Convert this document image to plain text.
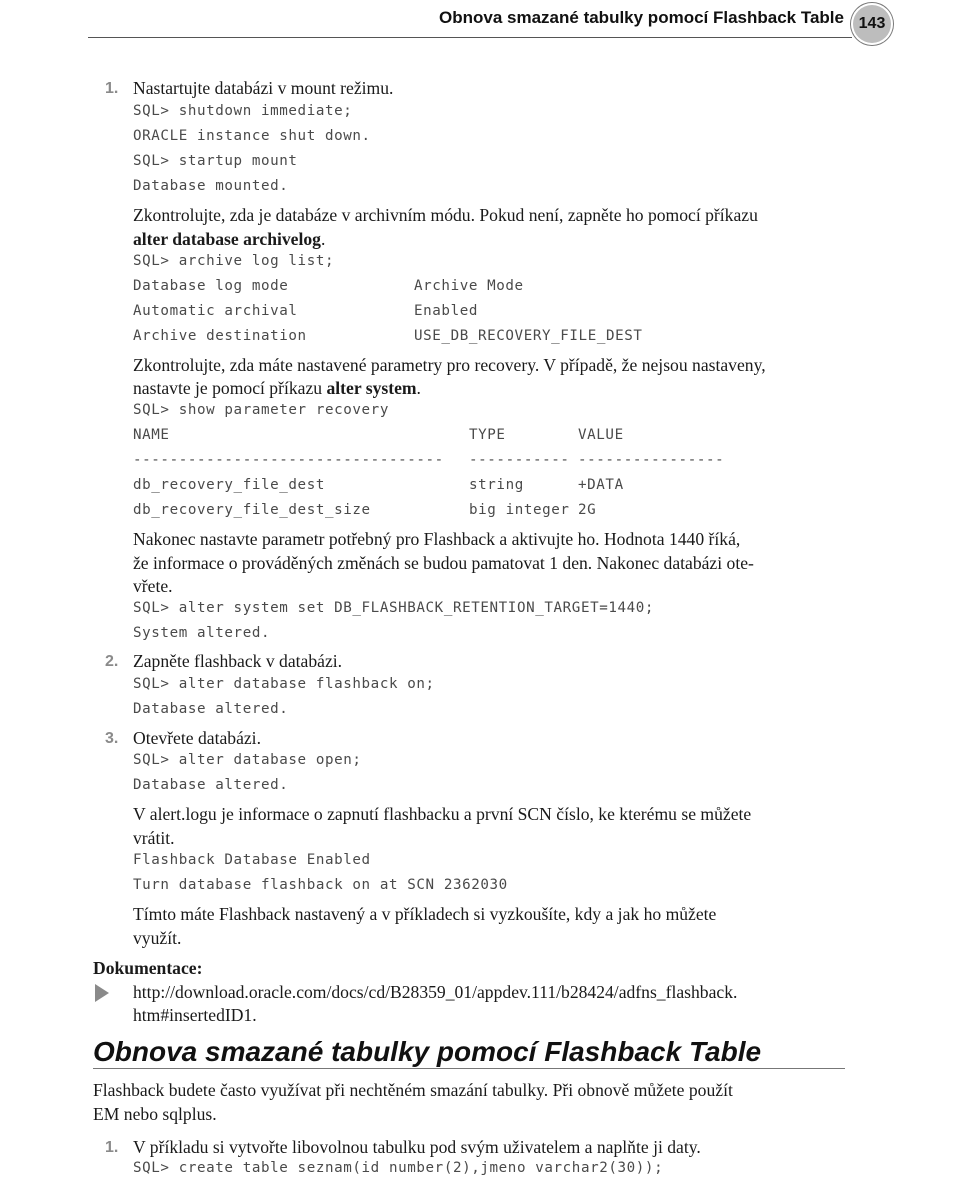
Obnova smazané tabulky pomocí Flashback Table 143
1. Nastartujte databázi v mount režimu.
SQL> shutdown immediate;
ORACLE instance shut down.
SQL> startup mount
Database mounted.
Zkontrolujte, zda je databáze v archivním módu. Pokud není, zapněte ho pomocí příkazu
alter database archivelog.
SQL> archive log list;
Database log mode	Archive Mode
Automatic archival	Enabled
Archive destination	USE_DB_RECOVERY_FILE_DEST
Zkontrolujte, zda máte nastavené parametry pro recovery. V případě, že nejsou nastaveny,
nastavte je pomocí příkazu alter system.
SQL> show parameter recovery
NAME	TYPE	VALUE
---------------------------------- ----------- ----------------
db_recovery_file_dest	string	+DATA
db_recovery_file_dest_size	big integer 2G
Nakonec nastavte parametr potřebný pro Flashback a aktivujte ho. Hodnota 1440 říká,
že informace o prováděných změnách se budou pamatovat 1 den. Nakonec databázi ote-
vřete.
SQL> alter system set DB_FLASHBACK_RETENTION_TARGET=1440;
System altered.
2. Zapněte flashback v databázi.
SQL> alter database flashback on;
Database altered.
3. Otevřete databázi.
SQL> alter database open;
Database altered.
V alert.logu je informace o zapnutí flashbacku a první SCN číslo, ke kterému se můžete
vrátit.
Flashback Database Enabled
Turn database flashback on at SCN 2362030
Tímto máte Flashback nastavený a v příkladech si vyzkoušíte, kdy a jak ho můžete
využít.
Dokumentace:
http://download.oracle.com/docs/cd/B28359_01/appdev.111/b28424/adfns_flashback.
htm#insertedID1.
Obnova smazané tabulky pomocí Flashback Table
Flashback budete často využívat při nechtěném smazání tabulky. Při obnově můžete použít
EM nebo sqlplus.
1. V příkladu si vytvořte libovolnou tabulku pod svým uživatelem a naplňte ji daty.
SQL> create table seznam(id number(2),jmeno varchar2(30));
